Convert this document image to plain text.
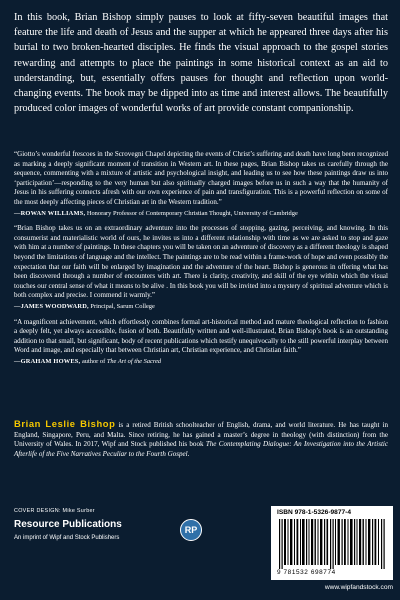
In this book, Brian Bishop simply pauses to look at fifty-seven beautiful images that feature the life and death of Jesus and the supper at which he appeared three days after his burial to two broken-hearted disciples. He finds the visual approach to the gospel stories rewarding and attempts to place the paintings in some historical context as an aid to understanding, but, essentially offers pauses for thought and reflection upon world-changing events. The book may be dipped into as time and interest allows. The beautifully produced color images of wonderful works of art provide constant companionship.

“Giotto’s wonderful frescoes in the Scrovegni Chapel depicting the events of Christ’s suffering and death have long been recognized as marking a deeply significant moment of transition in Western art. In these pages, Brian Bishop takes us carefully through the sequence, commenting with a mixture of artistic and psychological insight, and leading us to see how these paintings draw us into ‘participation’—responding to the very human but also spiritually charged images before us in such a way that the humanity of Jesus in his suffering connects afresh with our own experience of pain and transfiguration. This is a powerful reflection on some of the most deeply affecting pieces of Christian art in the Western tradition.”
—ROWAN WILLIAMS, Honorary Professor of Contemporary Christian Thought, University of Cambridge
“Brian Bishop takes us on an extraordinary adventure into the processes of stopping, gazing, perceiving, and knowing. In this consumerist and materialistic world of ours, he invites us into a different relationship with time as we are asked to stop and gaze with him at a number of paintings. In these chapters you will be taken on an adventure of discovery as a different theology is shaped beyond the limitations of language and the intellect. The paintings are to be read within a frame-work of hope and even possibly the expectation that our faith will be enlarged by imagination and the adventure of the heart. Bishop is generous in offering what has been discovered through a number of encounters with art. There is clarity, creativity, and skill of the eye within which the visual touches our central sense of what it means to be alive . In this book you will be invited into a mystery of spiritual adventure which is both complex and precise. I commend it warmly.”
—JAMES WOODWARD, Principal, Sarum College
“A magnificent achievement, which effortlessly combines formal art-historical method and mature theological reflection to fashion a deeply felt, yet always accessible, fusion of both. Beautifully written and well-illustrated, Brian Bishop’s book is an outstanding addition to that small, but significant, body of recent publications which testify unequivocally to the still powerful interplay between Word and image, and especially that between Christian art, Christian experience, and Christian faith.”
—GRAHAM HOWES, author of The Art of the Sacred
Brian Leslie Bishop is a retired British schoolteacher of English, drama, and world literature. He has taught in England, Singapore, Peru, and Malta. Since retiring, he has gained a master’s degree in theology (with distinction) from the University of Wales. In 2017, Wipf and Stock published his book The Contemplating Dialogue: An Investigation into the Artistic Afterlife of the Five Narratives Peculiar to the Fourth Gospel.
COVER DESIGN: Mike Surber
Resource Publications
An imprint of Wipf and Stock Publishers
RP
ISBN 978-1-5326-9877-4
9 781532 698774
www.wipfandstock.com
